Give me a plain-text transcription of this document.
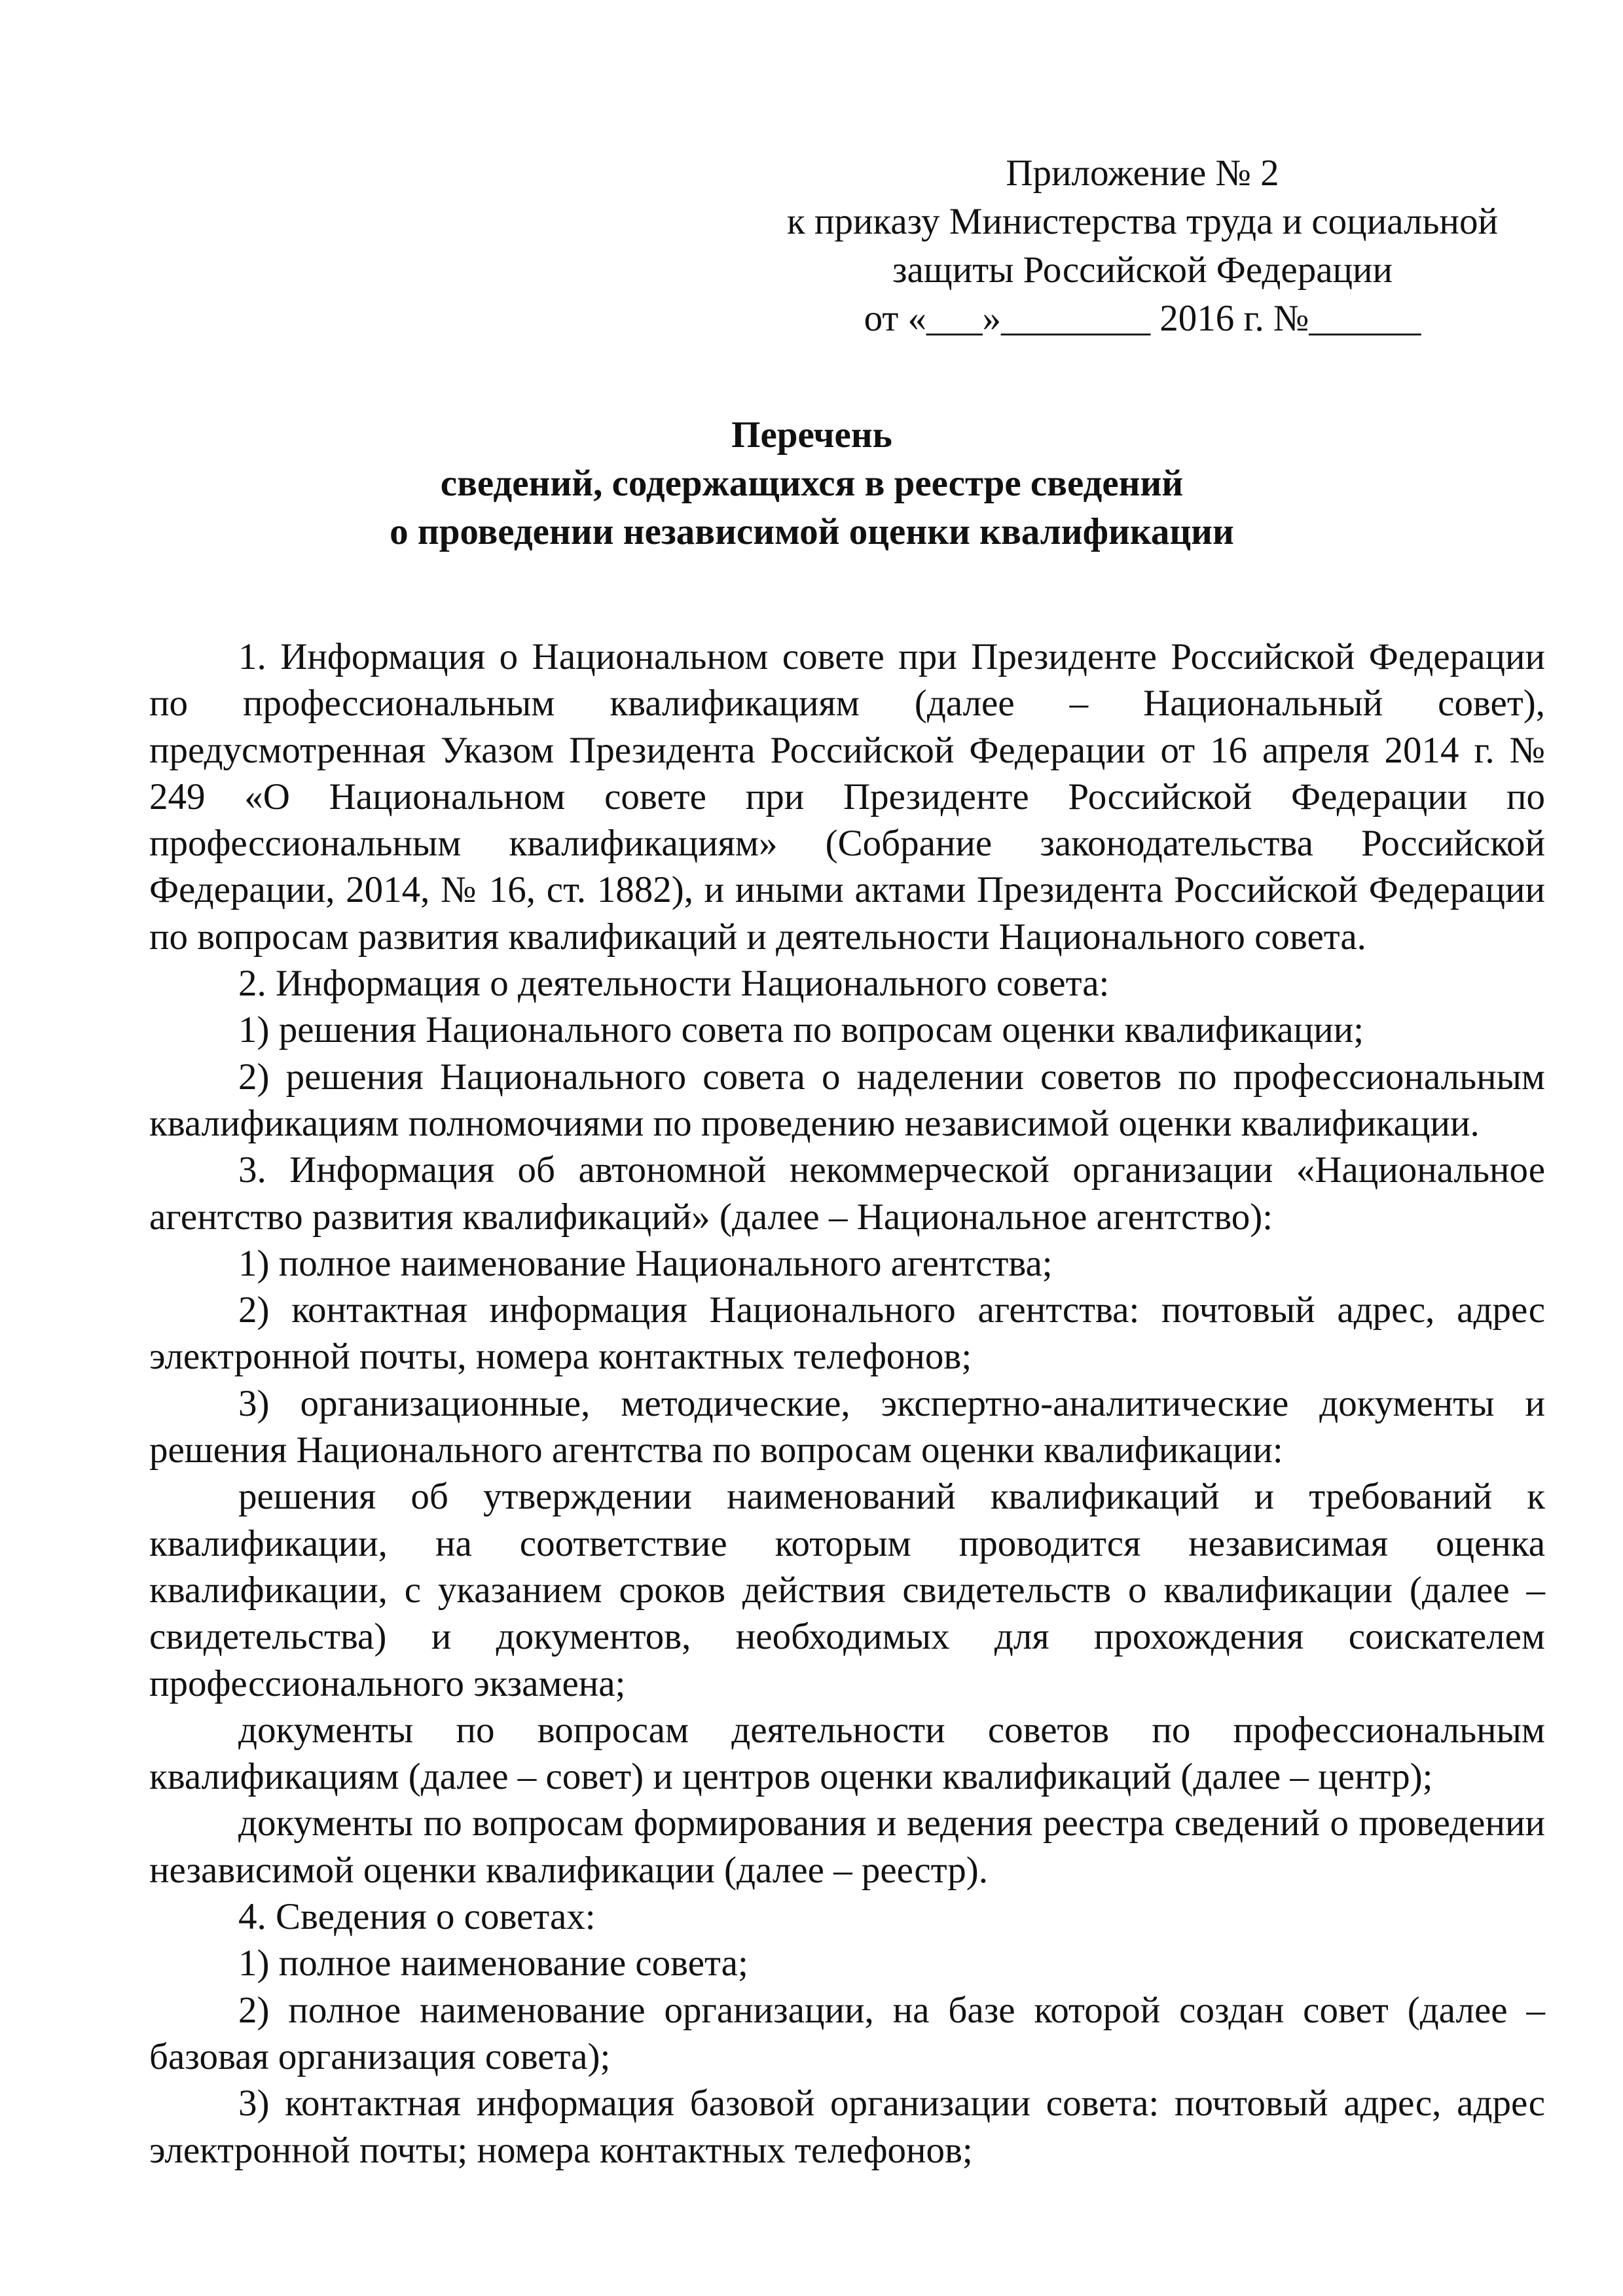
Приложение № 2
к приказу Министерства труда и социальной
защиты Российской Федерации
от «___»________ 2016 г. №______
Перечень
сведений, содержащихся в реестре сведений
о проведении независимой оценки квалификации

1. Информация о Национальном совете при Президенте Российской Федерации по профессиональным квалификациям (далее – Национальный совет), предусмотренная Указом Президента Российской Федерации от 16 апреля 2014 г. № 249 «О Национальном совете при Президенте Российской Федерации по профессиональным квалификациям» (Собрание законодательства Российской Федерации, 2014, № 16, ст. 1882), и иными актами Президента Российской Федерации по вопросам развития квалификаций и деятельности Национального совета.

2. Информация о деятельности Национального совета:

1) решения Национального совета по вопросам оценки квалификации;

2) решения Национального совета о наделении советов по профессиональным квалификациям полномочиями по проведению независимой оценки квалификации.

3. Информация об автономной некоммерческой организации «Национальное агентство развития квалификаций» (далее – Национальное агентство):

1) полное наименование Национального агентства;

2) контактная информация Национального агентства: почтовый адрес, адрес электронной почты, номера контактных телефонов;

3) организационные, методические, экспертно-аналитические документы и решения Национального агентства по вопросам оценки квалификации:

решения об утверждении наименований квалификаций и требований к квалификации, на соответствие которым проводится независимая оценка квалификации, с указанием сроков действия свидетельств о квалификации (далее – свидетельства) и документов, необходимых для прохождения соискателем профессионального экзамена;

документы по вопросам деятельности советов по профессиональным квалификациям (далее – совет) и центров оценки квалификаций (далее – центр);

документы по вопросам формирования и ведения реестра сведений о проведении независимой оценки квалификации (далее – реестр).

4. Сведения о советах:

1) полное наименование совета;

2) полное наименование организации, на базе которой создан совет (далее – базовая организация совета);

3) контактная информация базовой организации совета: почтовый адрес, адрес электронной почты; номера контактных телефонов;
